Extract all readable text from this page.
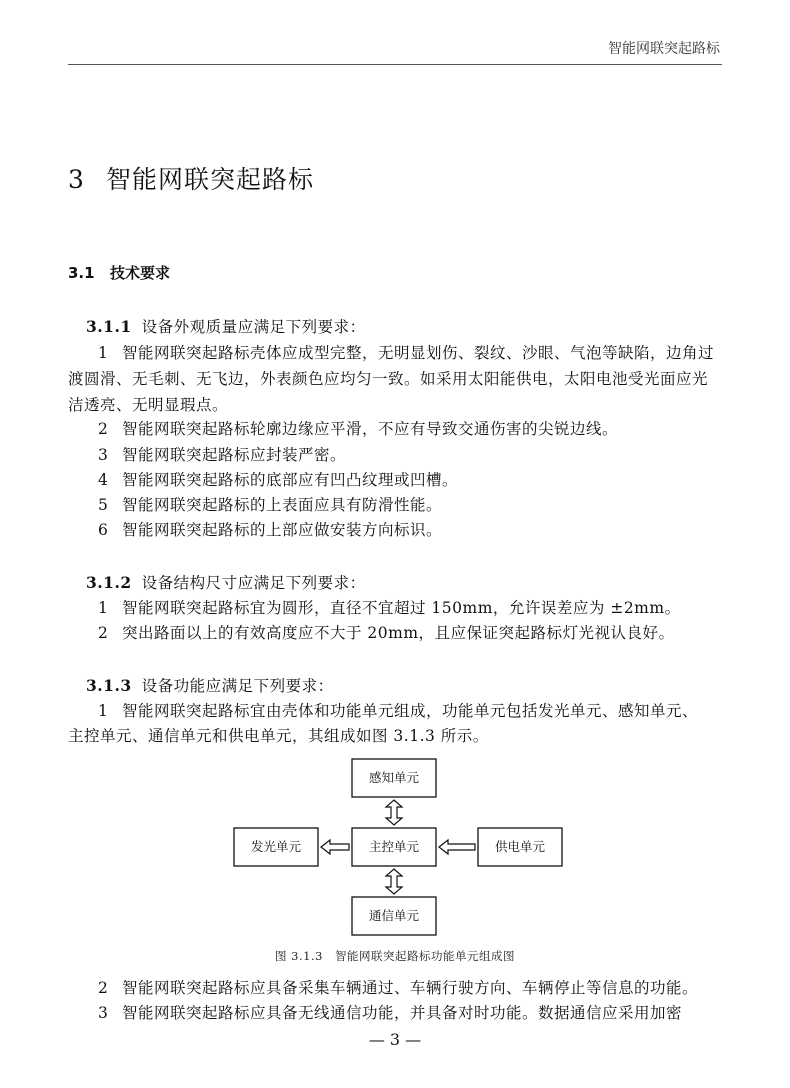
智能网联突起路标
3 智能网联突起路标
3.1 技术要求
3.1.1 设备外观质量应满足下列要求：
1 智能网联突起路标壳体应成型完整，无明显划伤、裂纹、沙眼、气泡等缺陷，边角过
渡圆滑、无毛刺、无飞边，外表颜色应均匀一致。如采用太阳能供电，太阳电池受光面应光
洁透亮、无明显瑕点。
2 智能网联突起路标轮廓边缘应平滑，不应有导致交通伤害的尖锐边线。
3 智能网联突起路标应封装严密。
4 智能网联突起路标的底部应有凹凸纹理或凹槽。
5 智能网联突起路标的上表面应具有防滑性能。
6 智能网联突起路标的上部应做安装方向标识。
3.1.2 设备结构尺寸应满足下列要求：
1 智能网联突起路标宜为圆形，直径不宜超过 150mm，允许误差应为 ±2mm。
2 突出路面以上的有效高度应不大于 20mm，且应保证突起路标灯光视认良好。
3.1.3 设备功能应满足下列要求：
1 智能网联突起路标宜由壳体和功能单元组成，功能单元包括发光单元、感知单元、
主控单元、通信单元和供电单元，其组成如图 3.1.3 所示。
感知单元
发光单元	主控单元	供电单元
通信单元
图 3.1.3　智能网联突起路标功能单元组成图
2 智能网联突起路标应具备采集车辆通过、车辆行驶方向、车辆停止等信息的功能。
3 智能网联突起路标应具备无线通信功能，并具备对时功能。数据通信应采用加密
— 3 —
